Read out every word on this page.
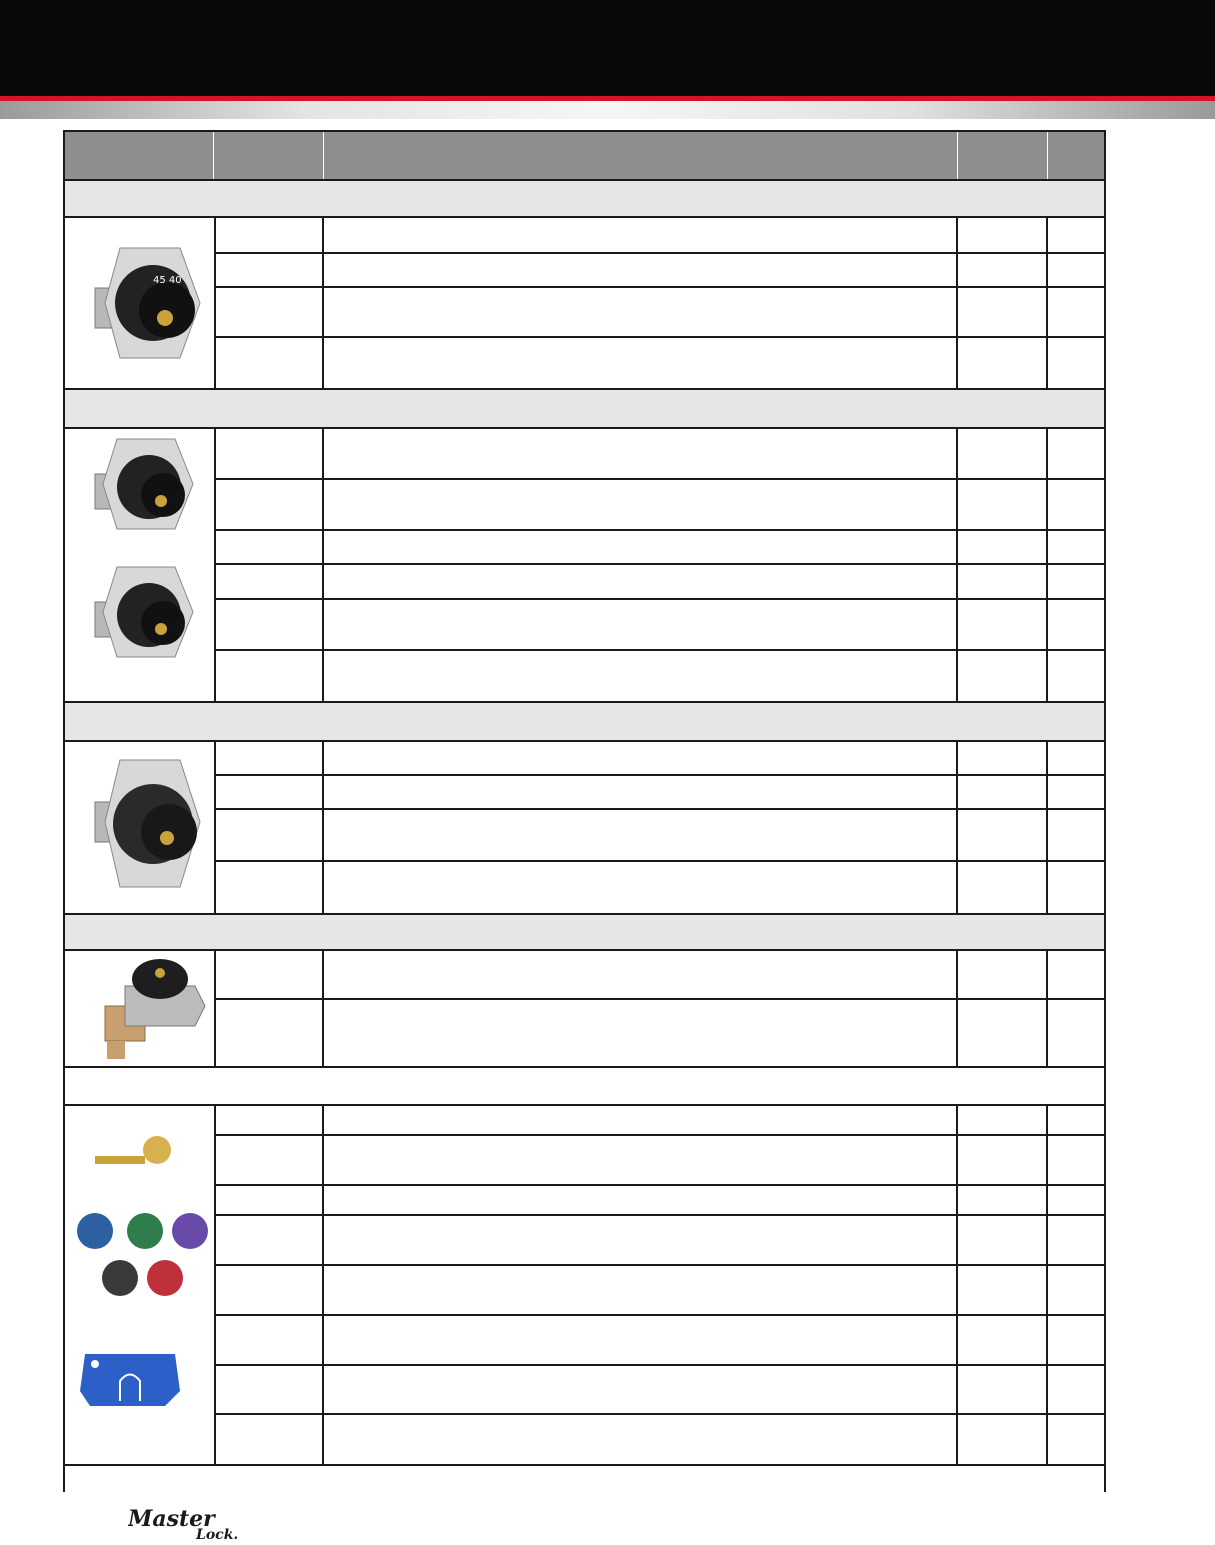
45 40
Master
Lock.
